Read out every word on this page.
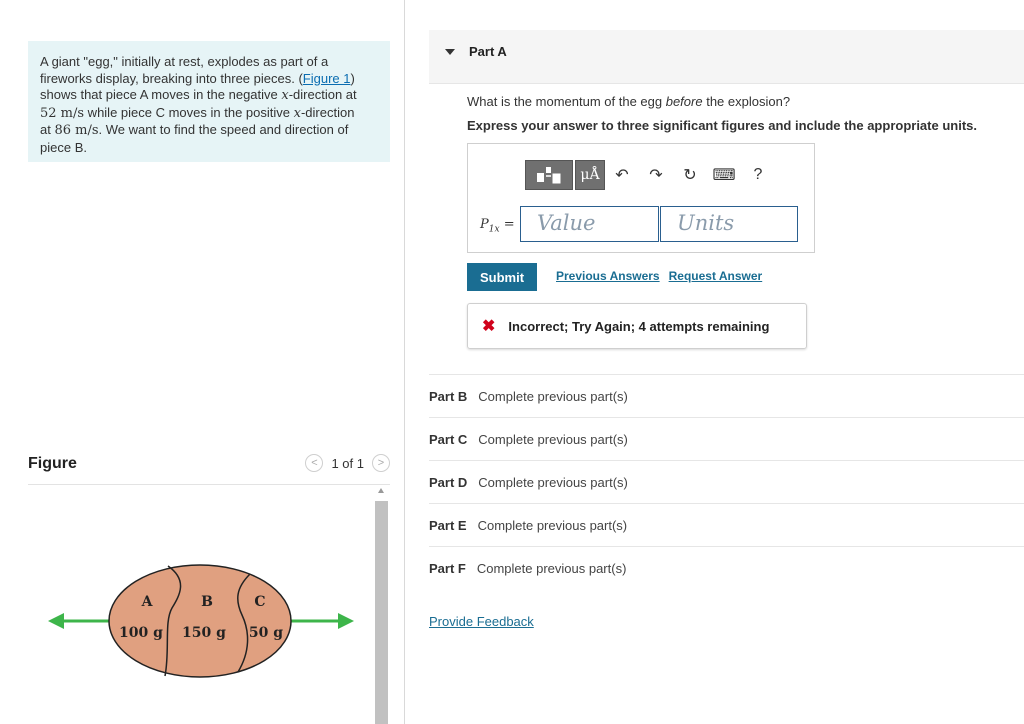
A giant "egg," initially at rest, explodes as part of a
fireworks display, breaking into three pieces. (Figure 1)
shows that piece A moves in the negative x-direction at
52 m/s while piece C moves in the positive x-direction
at 86 m/s. We want to find the speed and direction of
piece B.
Figure	<	1 of 1	>
A	B	C
100 g 150 g 50 g
Part A
What is the momentum of the egg before the explosion?
Express your answer to three significant figures and include the appropriate units.
μÅ ↶	↷	↻ ⌨	?
$P_{1x}$ =	Value	Units
Submit	Previous Answers Request Answer
✖ Incorrect; Try Again; 4 attempts remaining
Part B Complete previous part(s)
Part C Complete previous part(s)
Part D Complete previous part(s)
Part E Complete previous part(s)
Part F Complete previous part(s)
Provide Feedback
